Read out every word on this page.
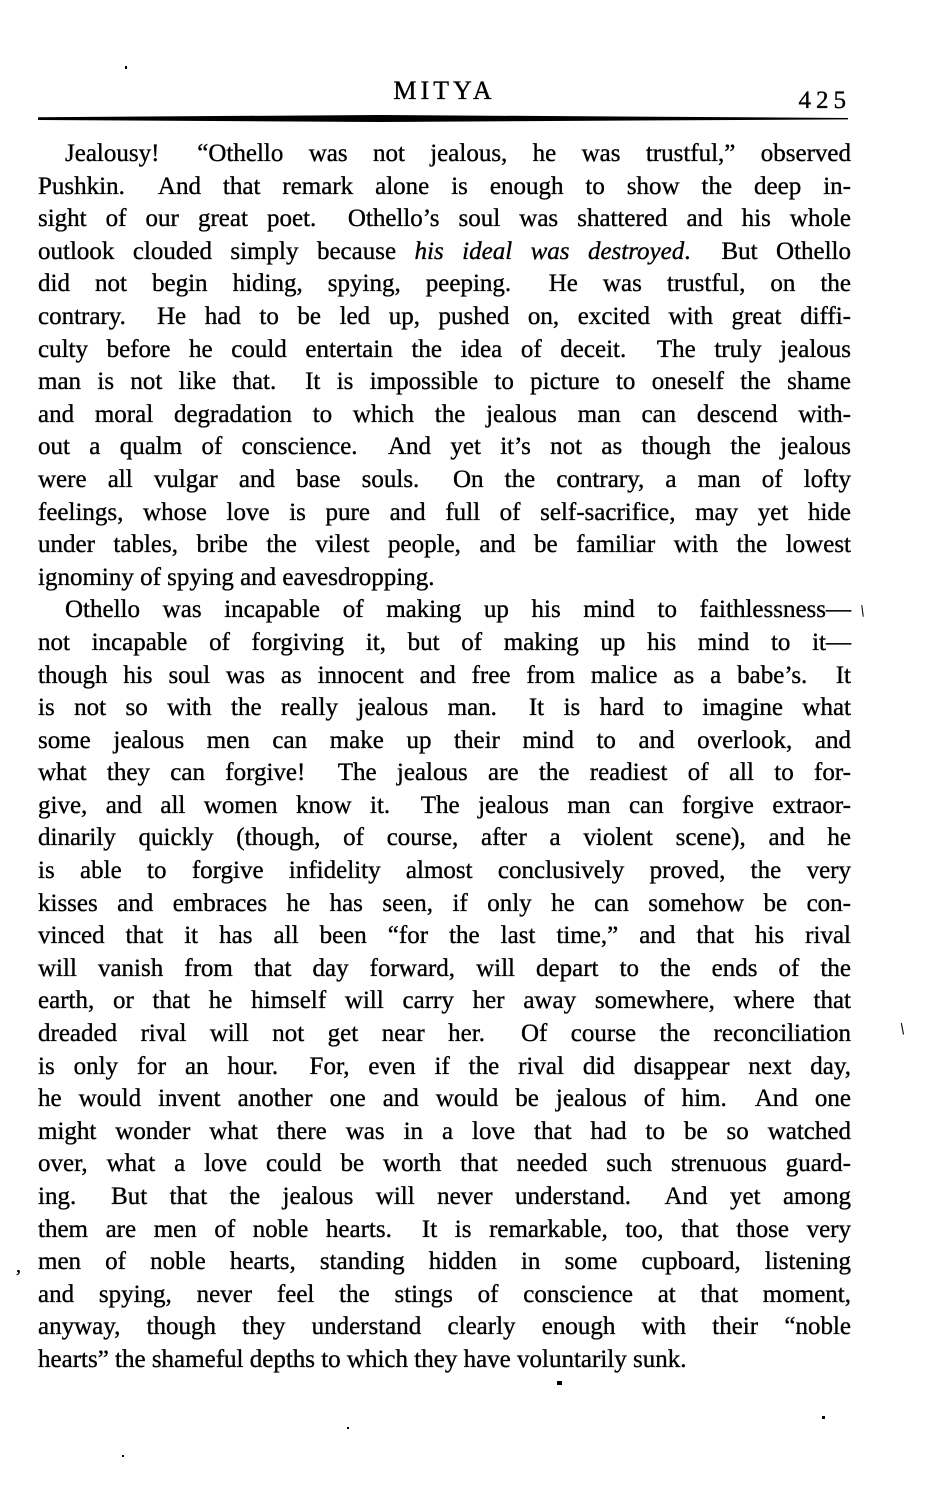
MITYA	425
Jealousy!  “Othello was not jealous, he was trustful,” observed
Pushkin.  And that remark alone is enough to show the deep in-
sight of our great poet.  Othello’s soul was shattered and his whole
outlook clouded simply because his ideal was destroyed.  But Othello
did not begin hiding, spying, peeping.  He was trustful, on the
contrary.  He had to be led up, pushed on, excited with great diffi-
culty before he could entertain the idea of deceit.  The truly jealous
man is not like that.  It is impossible to picture to oneself the shame
and moral degradation to which the jealous man can descend with-
out a qualm of conscience.  And yet it’s not as though the jealous
were all vulgar and base souls.  On the contrary, a man of lofty
feelings, whose love is pure and full of self-sacrifice, may yet hide
under tables, bribe the vilest people, and be familiar with the lowest
ignominy of spying and eavesdropping.
Othello was incapable of making up his mind to faithlessness—
not incapable of forgiving it, but of making up his mind to it—
though his soul was as innocent and free from malice as a babe’s.  It
is not so with the really jealous man.  It is hard to imagine what
some jealous men can make up their mind to and overlook, and
what they can forgive!  The jealous are the readiest of all to for-
give, and all women know it.  The jealous man can forgive extraor-
dinarily quickly (though, of course, after a violent scene), and he
is able to forgive infidelity almost conclusively proved, the very
kisses and embraces he has seen, if only he can somehow be con-
vinced that it has all been “for the last time,” and that his rival
will vanish from that day forward, will depart to the ends of the
earth, or that he himself will carry her away somewhere, where that
dreaded rival will not get near her.  Of course the reconciliation
is only for an hour.  For, even if the rival did disappear next day,
he would invent another one and would be jealous of him.  And one
might wonder what there was in a love that had to be so watched
over, what a love could be worth that needed such strenuous guard-
ing.  But that the jealous will never understand.  And yet among
them are men of noble hearts.  It is remarkable, too, that those very
men of noble hearts, standing hidden in some cupboard, listening
and spying, never feel the stings of conscience at that moment,
anyway, though they understand clearly enough with their “noble
hearts” the shameful depths to which they have voluntarily sunk.
\
\
,
